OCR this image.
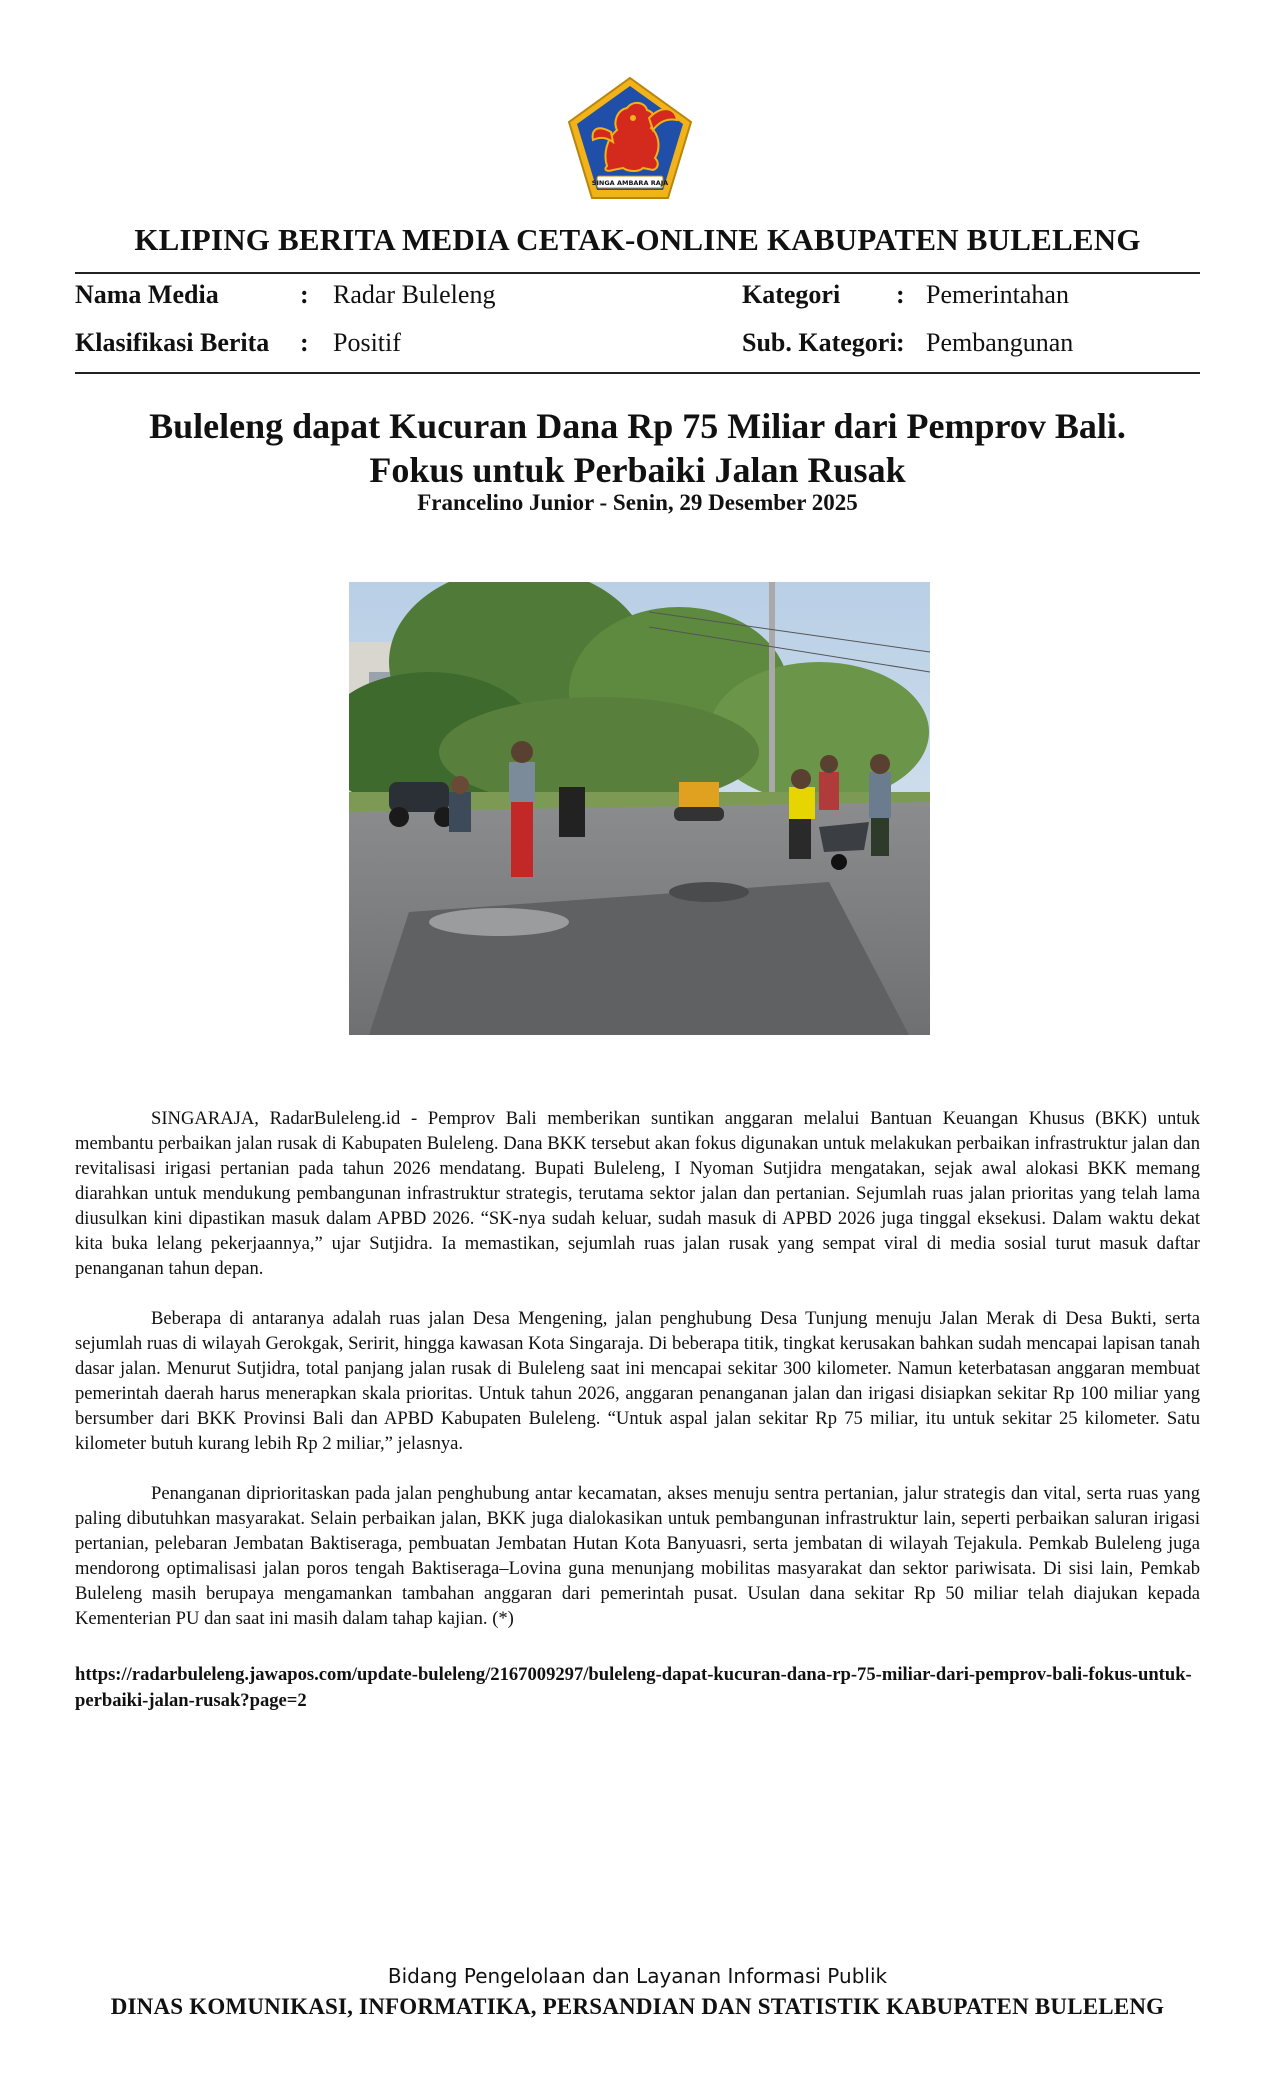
SINGA AMBARA RAJA
KLIPING BERITA MEDIA CETAK-ONLINE KABUPATEN BULELENG
Nama Media	: Radar Buleleng
Klasifikasi Berita : Positif
Kategori : Pemerintahan
Sub. Kategori : Pembangunan
Buleleng dapat Kucuran Dana Rp 75 Miliar dari Pemprov Bali.
Fokus untuk Perbaiki Jalan Rusak
Francelino Junior - Senin, 29 Desember 2025

SINGARAJA, RadarBuleleng.id - Pemprov Bali memberikan suntikan anggaran melalui Bantuan Keuangan Khusus (BKK) untuk membantu perbaikan jalan rusak di Kabupaten Buleleng. Dana BKK tersebut akan fokus digunakan untuk melakukan perbaikan infrastruktur jalan dan revitalisasi irigasi pertanian pada tahun 2026 mendatang. Bupati Buleleng, I Nyoman Sutjidra mengatakan, sejak awal alokasi BKK memang diarahkan untuk mendukung pembangunan infrastruktur strategis, terutama sektor jalan dan pertanian. Sejumlah ruas jalan prioritas yang telah lama diusulkan kini dipastikan masuk dalam APBD 2026. “SK-nya sudah keluar, sudah masuk di APBD 2026 juga tinggal eksekusi. Dalam waktu dekat kita buka lelang pekerjaannya,” ujar Sutjidra. Ia memastikan, sejumlah ruas jalan rusak yang sempat viral di media sosial turut masuk daftar penanganan tahun depan.

Beberapa di antaranya adalah ruas jalan Desa Mengening, jalan penghubung Desa Tunjung menuju Jalan Merak di Desa Bukti, serta sejumlah ruas di wilayah Gerokgak, Seririt, hingga kawasan Kota Singaraja. Di beberapa titik, tingkat kerusakan bahkan sudah mencapai lapisan tanah dasar jalan. Menurut Sutjidra, total panjang jalan rusak di Buleleng saat ini mencapai sekitar 300 kilometer. Namun keterbatasan anggaran membuat pemerintah daerah harus menerapkan skala prioritas. Untuk tahun 2026, anggaran penanganan jalan dan irigasi disiapkan sekitar Rp 100 miliar yang bersumber dari BKK Provinsi Bali dan APBD Kabupaten Buleleng. “Untuk aspal jalan sekitar Rp 75 miliar, itu untuk sekitar 25 kilometer. Satu kilometer butuh kurang lebih Rp 2 miliar,” jelasnya.

Penanganan diprioritaskan pada jalan penghubung antar kecamatan, akses menuju sentra pertanian, jalur strategis dan vital, serta ruas yang paling dibutuhkan masyarakat. Selain perbaikan jalan, BKK juga dialokasikan untuk pembangunan infrastruktur lain, seperti perbaikan saluran irigasi pertanian, pelebaran Jembatan Baktiseraga, pembuatan Jembatan Hutan Kota Banyuasri, serta jembatan di wilayah Tejakula. Pemkab Buleleng juga mendorong optimalisasi jalan poros tengah Baktiseraga–Lovina guna menunjang mobilitas masyarakat dan sektor pariwisata. Di sisi lain, Pemkab Buleleng masih berupaya mengamankan tambahan anggaran dari pemerintah pusat. Usulan dana sekitar Rp 50 miliar telah diajukan kepada Kementerian PU dan saat ini masih dalam tahap kajian. (*)

https://radarbuleleng.jawapos.com/update-buleleng/2167009297/buleleng-dapat-kucuran-dana-rp-75-miliar-dari-pemprov-bali-fokus-untuk-perbaiki-jalan-rusak?page=2
Bidang Pengelolaan dan Layanan Informasi Publik
DINAS KOMUNIKASI, INFORMATIKA, PERSANDIAN DAN STATISTIK KABUPATEN BULELENG
